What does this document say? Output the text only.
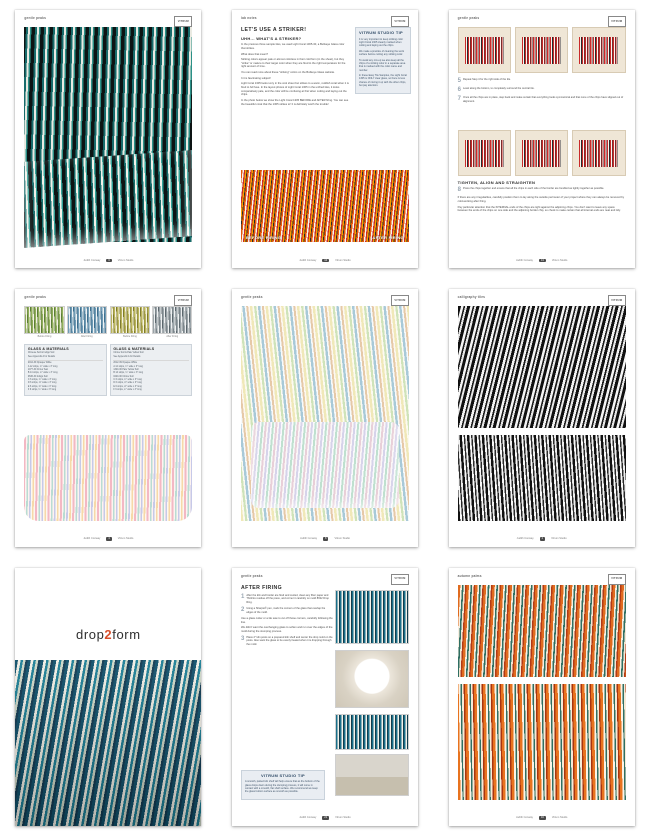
gentle peaks
VITRUM
Judith Conway	6	Vitrum Studio
lab notes
VITRUM
LET'S USE A STRIKER!
UHH... WHAT'S A STRIKER?

In the previous three sample tiles, we used Light Coral 1305-30, a Bullseye Glass color that strikes.

What does that mean?

Striking colors appear pale or almost colorless in their cold form (in the sheet), but they "strike" or mature to their target color when they are fired to the right temperature for the right amount of time.

You can read more about these "striking" colors on the Bullseye Glass website.

It it is fascinating subject!

Light Coral 1305 looks ivory in the cool sheet but strikes to a warm, reddish coral when it is fired to full fuse. In the layout photos of Light Coral 1305 in the unfired tiles, it looks comparatively pale, and the color will be confusing at first when cutting and laying out the chips.

In the photo below we show the Light Coral 1305 BEFORE and AFTER firing. You can see the beautiful coral that the 1305 strikes to! It is definitely worth the trouble!

VITRUM STUDIO TIP

It is very important to keep striking color Light Coral 1305 cleanly marked when cutting and laying out the chips.

We make a practice of cleaning the work surface before cutting any striking color.

To avoid any mix-up we also keep all the chips of a striking color in a separate area that is marked with the color name and number.

In these Easy Tile Samples, the Light Coral 1305 is ONLY clear glass, so there is less chance of mixing it up with the other chips, but pay attention.

BEFORE FIRING	AFTER FIRING
Judith Conway	10	Vitrum Studio
gentle peaks
VITRUM
5 Repeat Step 4 for the right side of the tile.
6 Level along the bottom, to completely surround the central tile.
7 Once all the chips are in place, step back and make certain that everything looks symmetrical and that none of the chips have slipped out of alignment.
TIGHTEN, ALIGN AND STRAIGHTEN
8 Press the chips together and ensure that all the chips in each side of the border are bundled as tightly together as possible.

If there are any irregularities, carefully position them to lay along the outside perimeter of your project where they can always be removed by cold-working after firing.

Pay particular attention that the INTERNAL ends of the chips are tight against the adjoining chips. You don't want to leave any space between the ends of the chips on one side and the adjoining border chip, so check to make certain that all internal ends are neat and tidy.

Judith Conway	13	Vitrum Studio
gentle peaks
VITRUM
Before Firing	After Firing	Before Firing	After Firing
GLASS & MATERIALS
Chinese Soil & Indigo Soil
See Appendix A for Details
2012-39 Opaque White
A 12 strips, ¼" wide x 3" long
1077-30 Cirrus Teal
B 14 strips, ¼" wide x 3" long
0636-30 Indigo Soil
C 6 strips, ¼" wide x 3" long
D 6 strips, ⅛" wide x 3" long
E 6 strips, ⅛" wide x 3" long
F 6 strips, ¼" wide x 3" long
GLASS & MATERIALS
Citrine Soil & Pale Yellow Soil
See Appendix A for Details
2012-39 Opaque White
A 12 strips, ¼" wide x 3" long
1320-30 Pale Yellow Soil
B 14 strips, ¼" wide x 3" long
0220-30 Citrine Soil
C 6 strips, ¼" wide x 3" long
D 6 strips, ⅛" wide x 3" long
E 6 strips, ⅛" wide x 3" long
F 6 strips, ¼" wide x 3" long
Judith Conway	4	Vitrum Studio
gentle peaks
VITRUM
Judith Conway	8	Vitrum Studio
calligraphy tiles
VITRUM
Judith Conway	2	Vitrum Studio
drop2form
gentle peaks
VITRUM
AFTER FIRING
1 After the kiln and border are fired and cooled, clean any fiber paper and ThinFire residue off the piece, and corner it carefully on mold 8632 Drop Ring.
2 Using a Sharpie® pen, mark the corners of the glass that overlap the edges of the mold.

Use a glass cutter or a tile saw to cut off those corners, carefully following the line.

We didn't want the overhanging glass to soften and run over the edges of the mold during the slumping process.

3 Place 2" kiln posts on a prepared kiln shelf and center the drop mold on the posts. Also want the glass to be evenly heated when it is dropping through the mold.
VITRUM STUDIO TIP

A smooth, patted kiln shelf will help ensure that as the bottom of the glass drops down during the slumping process, it will come in contact with a smooth, flat shelf surface. We recommend we keep the glass bottom surface as smooth as possible.

Judith Conway	21	Vitrum Studio
autumn palms
VITRUM
Judith Conway	16	Vitrum Studio
